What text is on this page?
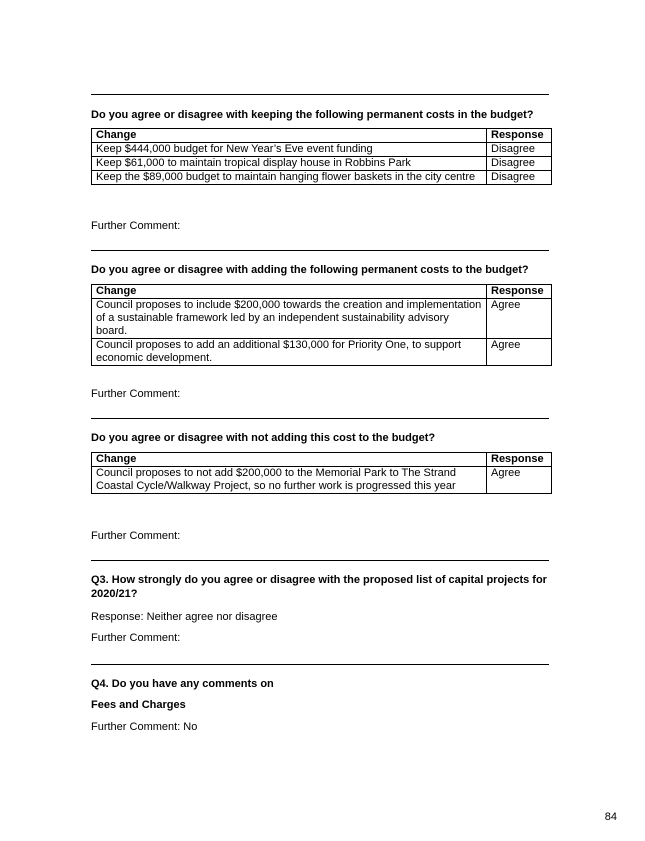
Do you agree or disagree with keeping the following permanent costs in the budget?
Change	Response
Keep $444,000 budget for New Year’s Eve event funding	Disagree
Keep $61,000 to maintain tropical display house in Robbins Park	Disagree
Keep the $89,000 budget to maintain hanging flower baskets in the city centre	Disagree
Further Comment:
Do you agree or disagree with adding the following permanent costs to the budget?
Change	Response
Council proposes to include $200,000 towards the creation and implementation of a sustainable framework led by an independent sustainability advisory board.	Agree
Council proposes to add an additional $130,000 for Priority One, to support economic development.	Agree
Further Comment:
Do you agree or disagree with not adding this cost to the budget?
Change	Response
Council proposes to not add $200,000 to the Memorial Park to The Strand Coastal Cycle/Walkway Project, so no further work is progressed this year	Agree
Further Comment:
Q3. How strongly do you agree or disagree with the proposed list of capital projects for 2020/21?
Response: Neither agree nor disagree
Further Comment:
Q4. Do you have any comments on
Fees and Charges
Further Comment: No
84
